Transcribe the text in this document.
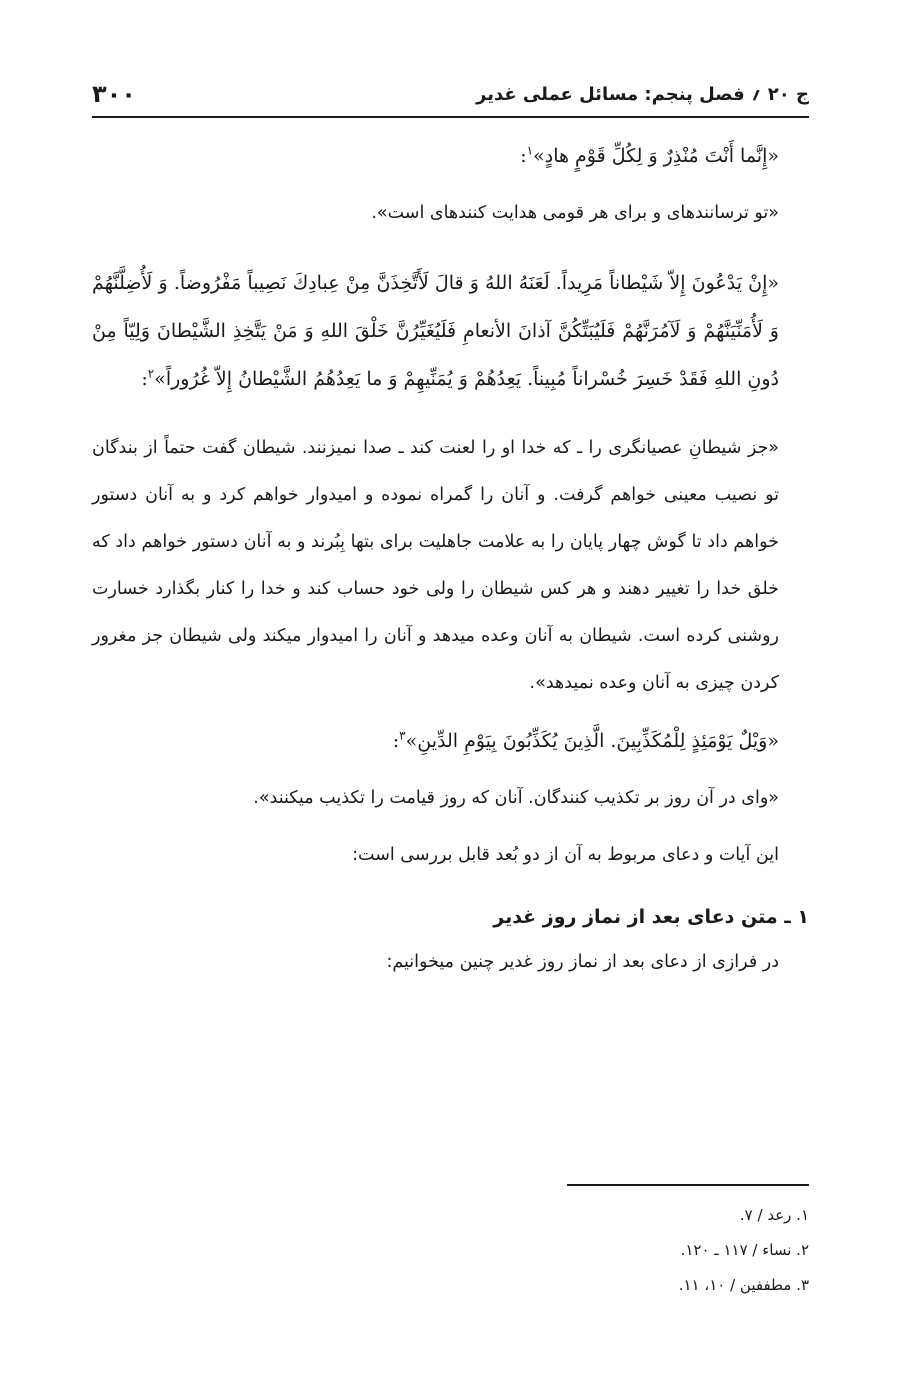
ج ۲۰ ؍ فصل پنجم: مسائل عملی غدیر
۳۰۰

«إِنَّما أَنْتَ مُنْذِرٌ وَ لِكُلِّ قَوْمٍ هادٍ»$^۱$:

«تو ترسانندهای و برای هر قومی هدایت کنندهای است».

«إِنْ يَدْعُونَ إِلاّ شَيْطاناً مَرِيداً. لَعَنَهُ اللهُ وَ قالَ لَأَتَّخِذَنَّ مِنْ عِبادِكَ نَصِيباً مَفْرُوضاً. وَ لَأُضِلَّنَّهُمْ وَ لَأُمَنِّيَنَّهُمْ وَ لَآمُرَنَّهُمْ فَلَيُبَتِّكُنَّ آذانَ الأنعامِ فَلَيُغَيِّرُنَّ خَلْقَ اللهِ وَ مَنْ يَتَّخِذِ الشَّيْطانَ وَلِيّاً مِنْ دُونِ اللهِ فَقَدْ خَسِرَ خُسْراناً مُبِيناً. يَعِدُهُمْ وَ يُمَنِّيهِمْ وَ ما يَعِدُهُمُ الشَّيْطانُ إِلاّ غُرُوراً»$^۲$:

«جز شیطانِ عصیانگری را ـ که خدا او را لعنت کند ـ صدا نمیزنند. شیطان گفت حتماً از بندگان تو نصیب معینی خواهم گرفت. و آنان را گمراه نموده و امیدوار خواهم کرد و به آنان دستور خواهم داد تا گوش چهار پایان را به علامت جاهلیت برای بتها بِبُرند و به آنان دستور خواهم داد که خلق خدا را تغییر دهند و هر کس شیطان را ولی خود حساب کند و خدا را کنار بگذارد خسارت روشنی کرده است. شیطان به آنان وعده میدهد و آنان را امیدوار میکند ولی شیطان جز مغرور کردن چیزی به آنان وعده نمیدهد».

«وَيْلٌ يَوْمَئِذٍ لِلْمُكَذِّبِينَ. الَّذِينَ يُكَذِّبُونَ بِيَوْمِ الدِّينِ»$^۳$:

«وای در آن روز بر تکذیب کنندگان. آنان که روز قیامت را تکذیب میکنند».

این آیات و دعای مربوط به آن از دو بُعد قابل بررسی است:

۱ ـ متن دعای بعد از نماز روز غدیر

در فرازی از دعای بعد از نماز روز غدیر چنین میخوانیم:

۱. رعد / ۷.

۲. نساء / ۱۱۷ ـ ۱۲۰.

۳. مطففین / ۱۰، ۱۱.
